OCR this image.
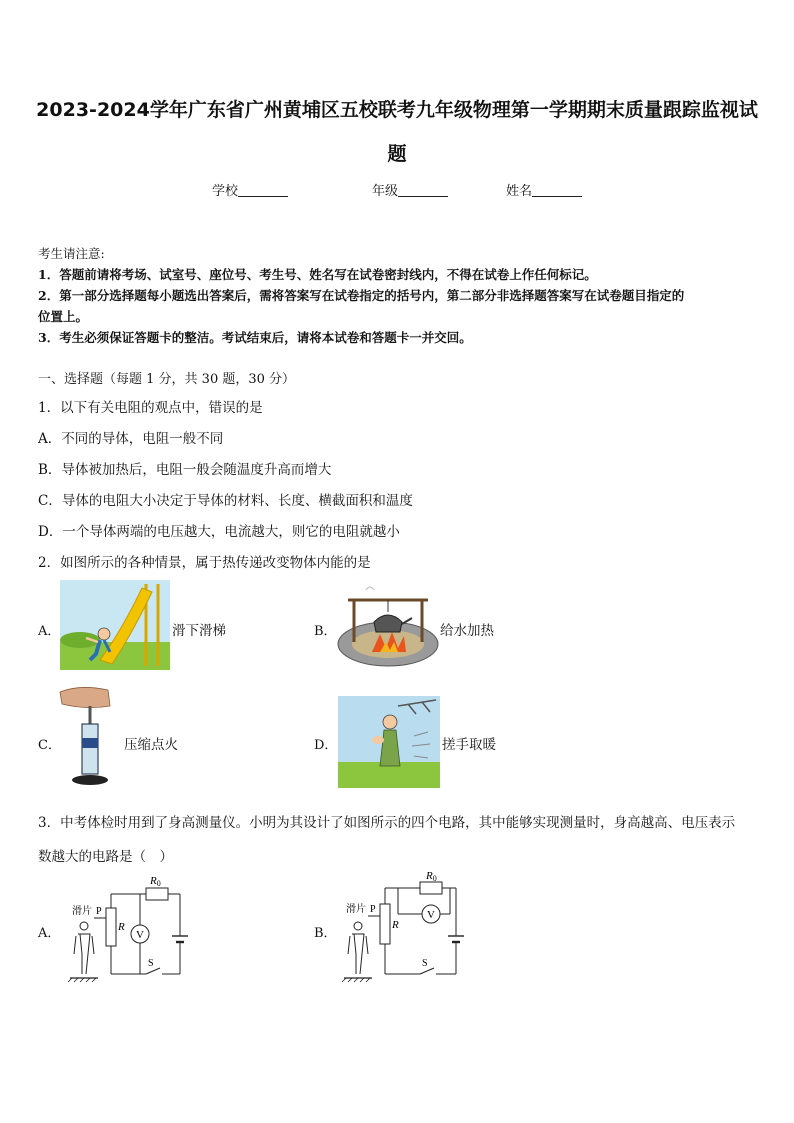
2023-2024学年广东省广州黄埔区五校联考九年级物理第一学期期末质量跟踪监视试
题
学校	年级	姓名
考生请注意:
1．答题前请将考场、试室号、座位号、考生号、姓名写在试卷密封线内，不得在试卷上作任何标记。
2．第一部分选择题每小题选出答案后，需将答案写在试卷指定的括号内，第二部分非选择题答案写在试卷题目指定的
位置上。
3．考生必须保证答题卡的整洁。考试结束后，请将本试卷和答题卡一并交回。
一、选择题（每题 1 分，共 30 题，30 分）
1．以下有关电阻的观点中，错误的是
A．不同的导体，电阻一般不同
B．导体被加热后，电阻一般会随温度升高而增大
C．导体的电阻大小决定于导体的材料、长度、横截面积和温度
D．一个导体两端的电压越大，电流越大，则它的电阻就越小
2．如图所示的各种情景，属于热传递改变物体内能的是
A．	滑下滑梯	B．	给水加热
C．	压缩点火	D．	搓手取暖
3．中考体检时用到了身高测量仪。小明为其设计了如图所示的四个电路，其中能够实现测量时，身高越高、电压表示
数越大的电路是（　）
A．	V
滑片 P
R
R0
S
B．
V
滑片 P
R
R0
S
